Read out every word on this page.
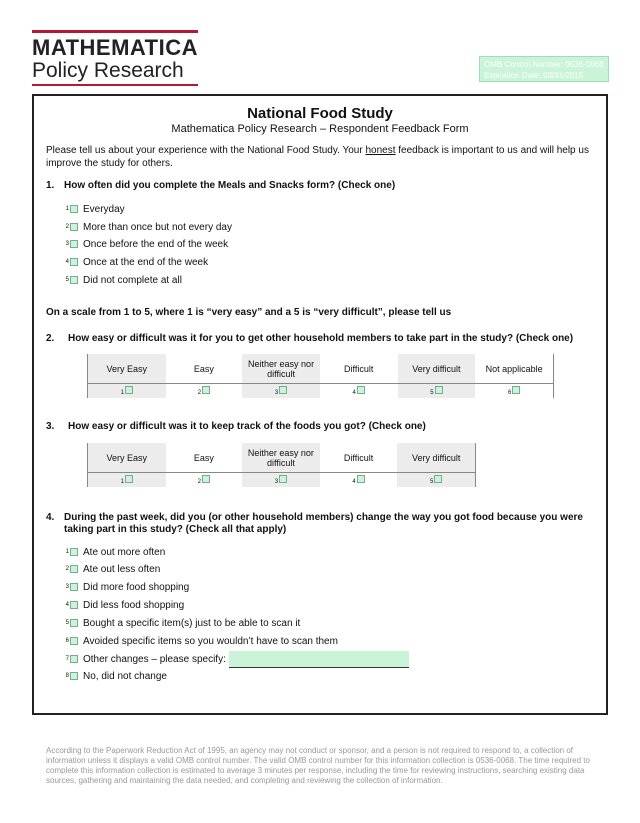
MATHEMATICA
Policy Research	OMB Control Number: 0536-0068
Expiration Date: 03/31/2015
National Food Study
Mathematica Policy Research – Respondent Feedback Form
Please tell us about your experience with the National Food Study. Your honest feedback is important to us and will help us improve the study for others.
1. How often did you complete the Meals and Snacks form? (Check one)
1 Everyday
2 More than once but not every day
3 Once before the end of the week
4 Once at the end of the week
5 Did not complete at all
On a scale from 1 to 5, where 1 is “very easy” and a 5 is “very difficult”, please tell us
2. How easy or difficult was it for you to get other household members to take part in the study? (Check one)
Very Easy	Easy	Neither easy nor difficult	Difficult	Very difficult	Not applicable
1	2	3	4	5	6
3. How easy or difficult was it to keep track of the foods you got? (Check one)
Very Easy	Easy	Neither easy nor difficult	Difficult	Very difficult
1	2	3	4	5
4. During the past week, did you (or other household members) change the way you got food because you were
taking part in this study? (Check all that apply)
1 Ate out more often
2 Ate out less often
3 Did more food shopping
4 Did less food shopping
5 Bought a specific item(s) just to be able to scan it
6 Avoided specific items so you wouldn’t have to scan them
7 Other changes – please specify:
8 No, did not change
According to the Paperwork Reduction Act of 1995, an agency may not conduct or sponsor, and a person is not required to respond to, a collection of information unless it displays a valid OMB control number. The valid OMB control number for this information collection is 0536-0068. The time required to complete this information collection is estimated to average 3 minutes per response, including the time for reviewing instructions, searching existing data sources, gathering and maintaining the data needed, and completing and reviewing the collection of information.
